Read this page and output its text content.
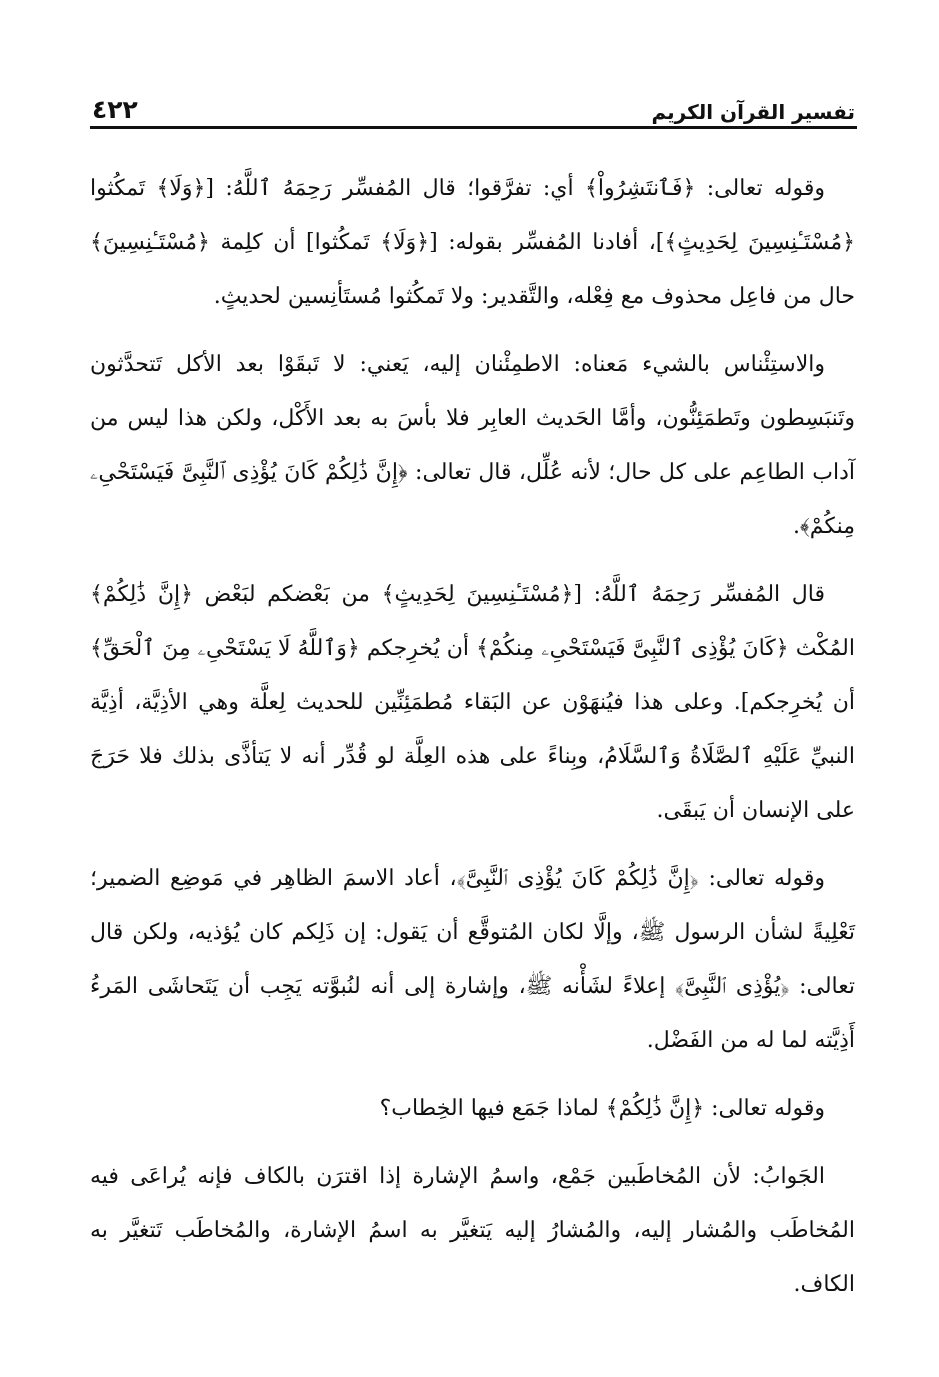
تفسير القرآن الكريم
٤٢٢

وقوله تعالى: ﴿فَٱنتَشِرُواْ﴾ أي: تفرَّقوا؛ قال المُفسِّر رَحِمَهُ ٱللَّهُ: [﴿وَلَا﴾ تَمكُثوا ﴿مُسْتَـٔنِسِينَ لِحَدِيثٍ﴾]، أفادنا المُفسِّر بقوله: [﴿وَلَا﴾ تَمكُثوا] أن كلِمة ﴿مُسْتَـٔنِسِينَ﴾ حال من فاعِل محذوف مع فِعْله، والتَّقدير: ولا تَمكُثوا مُستَأنِسين لحديثٍ.

والاستِئْناس بالشيء مَعناه: الاطمِئْنان إليه، يَعني: لا تَبقَوْا بعد الأكل تَتحدَّثون وتَنبَسِطون وتَطمَئِنُّون، وأمَّا الحَديث العابِر فلا بأسَ به بعد الأَكْل، ولكن هذا ليس من آداب الطاعِم على كل حال؛ لأنه عُلِّل، قال تعالى: ﴿إِنَّ ذَٰلِكُمْ كَانَ يُؤْذِى ٱلنَّبِىَّ فَيَسْتَحْىِۦ مِنكُمْ﴾.

قال المُفسِّر رَحِمَهُ ٱللَّهُ: [﴿مُسْتَـٔنِسِينَ لِحَدِيثٍ﴾ من بَعْضكم لبَعْض ﴿إِنَّ ذَٰلِكُمْ﴾ المُكْث ﴿كَانَ يُؤْذِى ٱلنَّبِىَّ فَيَسْتَحْىِۦ مِنكُمْ﴾ أن يُخرِجكم ﴿وَٱللَّهُ لَا يَسْتَحْىِۦ مِنَ ٱلْحَقِّ﴾ أن يُخرِجكم]. وعلى هذا فيُنهَوْن عن البَقاء مُطمَئِنِّين للحديث لِعلَّة وهي الأذِيَّة، أذِيَّة النبيِّ عَلَيْهِ ٱلصَّلَاةُ وَٱلسَّلَامُ، وبِناءً على هذه العِلَّة لو قُدِّر أنه لا يَتأذَّى بذلك فلا حَرَجَ على الإنسان أن يَبقَى.

وقوله تعالى: ﴿إِنَّ ذَٰلِكُمْ كَانَ يُؤْذِى ٱلنَّبِىَّ﴾، أعاد الاسمَ الظاهِر في مَوضِع الضمير؛ تَعْلِيةً لشأن الرسول ﷺ، وإلَّا لكان المُتوقَّع أن يَقول: إن ذَلِكم كان يُؤذيه، ولكن قال تعالى: ﴿يُؤْذِى ٱلنَّبِىَّ﴾ إعلاءً لشَأْنه ﷺ، وإشارة إلى أنه لنُبوَّته يَجِب أن يَتَحاشَى المَرءُ أَذِيَّته لما له من الفَضْل.

وقوله تعالى: ﴿إِنَّ ذَٰلِكُمْ﴾ لماذا جَمَع فيها الخِطاب؟

الجَوابُ: لأن المُخاطَبين جَمْع، واسمُ الإشارة إذا اقترَن بالكاف فإنه يُراعَى فيه المُخاطَب والمُشار إليه، والمُشارُ إليه يَتغيَّر به اسمُ الإشارة، والمُخاطَب تَتغيَّر به الكاف.
